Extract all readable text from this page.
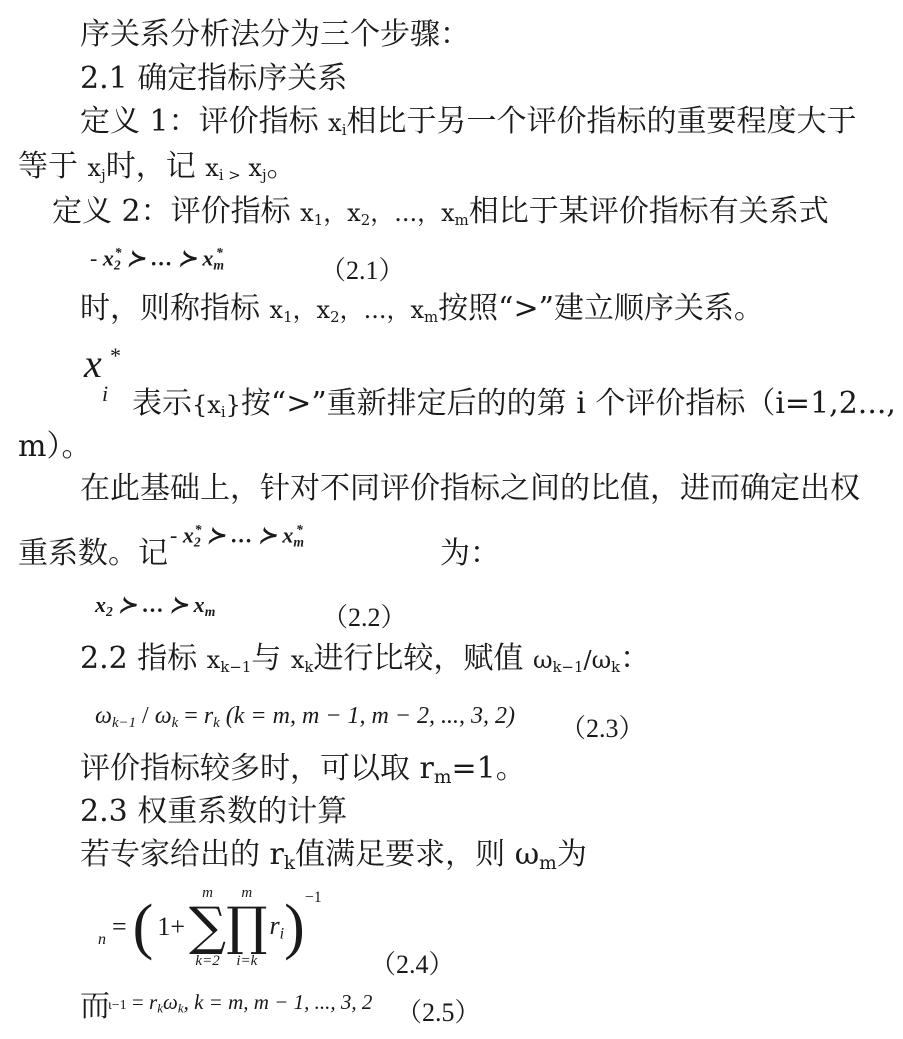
序关系分析法分为三个步骤：
2.1 确定指标序关系
定义 1：评价指标 $x_i$相比于另一个评价指标的重要程度大于
等于 $x_j$时，记 $x_{i >}$ $x_j$。
定义 2：评价指标 $x_1$，$x_2$，...，$x_m$相比于某评价指标有关系式
- $x_2^*$ ≻ … ≻ $x_m^*$
（2.1）
时，则称指标 $x_1$，$x_2$，...，$x_m$按照“>”建立顺序关系。
x *
i 表示$\{x_i\}$按“>”重新排定后的的第 i 个评价指标（i=1,2...,
m）。
在此基础上，针对不同评价指标之间的比值，进而确定出权
重系数。记
- $x_2^*$ ≻ … ≻ $x_m^*$
为：
$x_2$ ≻ … ≻ $x_m$	（2.2）
2.2 指标 $x_{k-1}$与 $x_k$进行比较，赋值 $\omega_{k-1}/\omega_k$：
$\omega_{k-1} / \omega_k = r_k$ (k = m, m − 1, m − 2, ..., 3, 2) （2.3）
评价指标较多时，可以取 $r_m=1$。
2.3 权重系数的计算
若专家给出的 $r_k$值满足要求，则 $\omega_m$为
n = ( 1+
m
∑
k=2
m
∏
i=k
$r_i$ ) −1
（2.4）
而
$\iota-1 = r_k\omega_k$, k = m, m − 1, ..., 3, 2 （2.5）
